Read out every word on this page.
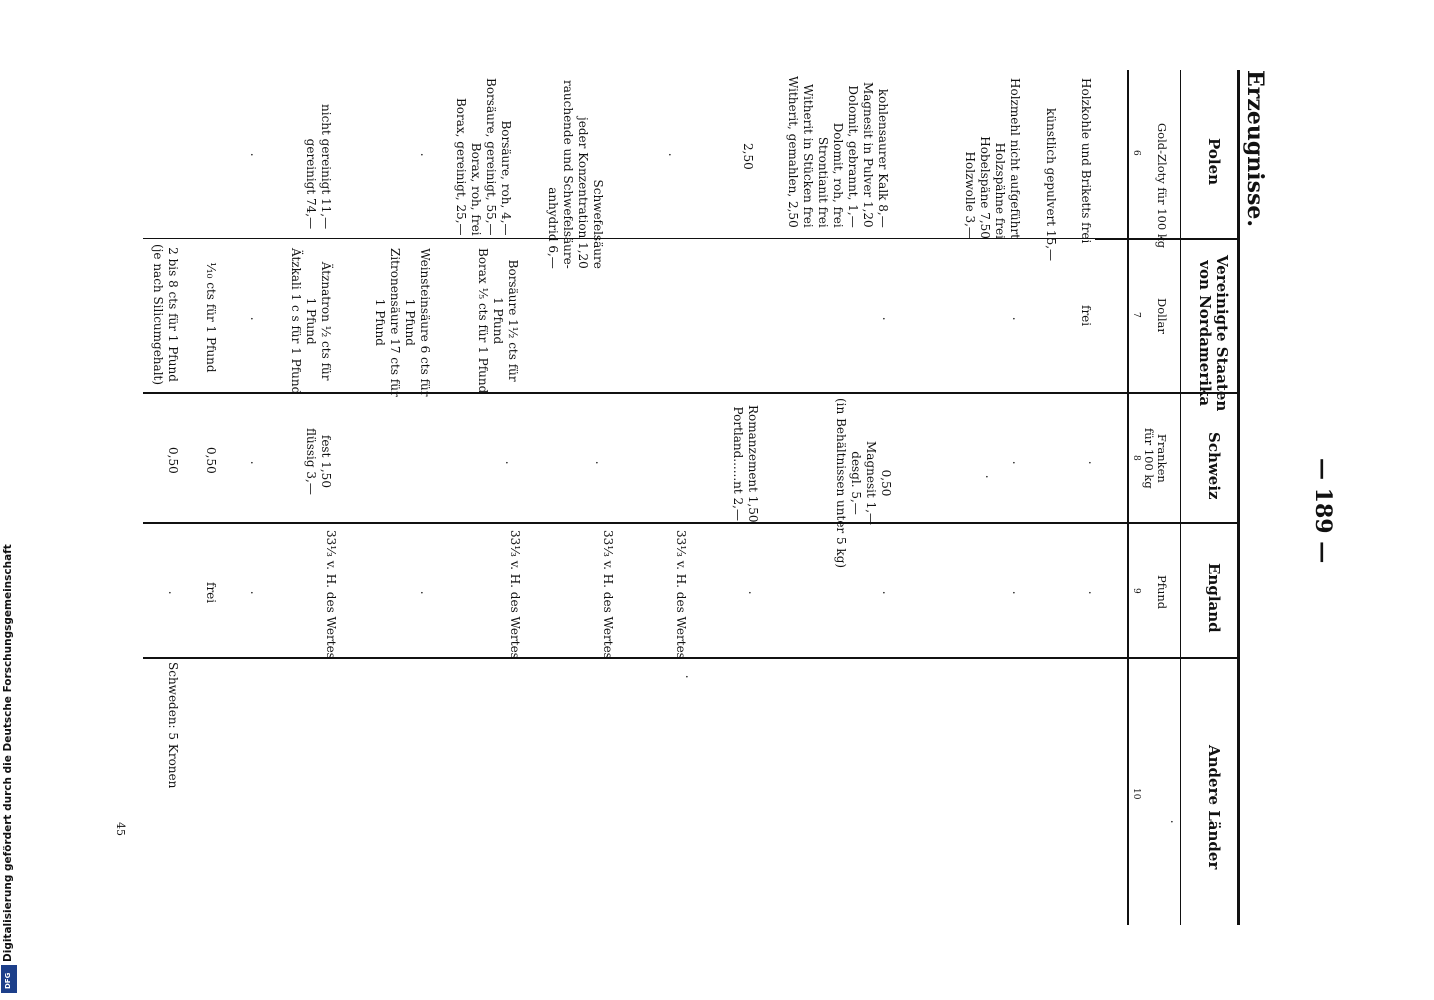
Erzeugnisse.
— 189 —
Polen
Gold-Zloty für 100 kg
6
Vereinigte Staaten
von Nordamerika
Dollar
7
Schweiz
Franken
für 100 kg
8
England
Pfund
9
Andere Länder
10
Holzkohle und Briketts frei
künstlich gepulvert 15,—
Holzmehl nicht aufgeführt
Holzspähne frei
Hobelspäne 7,50
Holzwolle 3,—
kohlensaurer Kalk 8,—
Magnesit in Pulver 1,20
Dolomit, gebrannt, 1,—
Dolomit, roh, frei
Strontianit frei
Witherit in Stücken frei
Witherit, gemahlen, 2,50
2,50
Schwefelsäure
jeder Konzentration 1,20
rauchende und Schwefelsäure-
anhydrid 6,—
Borsäure, roh, 4,—
Borsäure, gereinigt, 55,—
Borax, roh, frei
Borax, gereinigt, 25,—
nicht gereinigt 11,—
gereinigt 74,—
frei
Borsäure 1½ cts für
1 Pfund
Borax ⅕ cts für 1 Pfund
Weinsteinsäure 6 cts für
1 Pfund
Zitronensäure 17 cts für
1 Pfund
Ätznatron ½ cts für
1 Pfund
Ätzkali 1 c s für 1 Pfund
⅒ cts für 1 Pfund
2 bis 8 cts für 1 Pfund
(je nach Silicumgehalt)
0,50
Magnesit 1,—
desgl. 5,—
(in Behältnissen unter 5 kg)
Romanzement 1,50
Portland......nt 2,—
fest 1,50
flüssig 3,—
0,50
0,50
33⅓ v. H. des Wertes
33⅓ v. H. des Wertes
33⅓ v. H. des Wertes
33⅓ v. H. des Wertes
frei
Schweden: 5 Kronen
·
·
·
·
·
·
·
·
·
·
·
·
·
·
·
·
·
·
·
·
·
45
Digitalisierung gefördert durch die Deutsche Forschungsgemeinschaft
DFG
